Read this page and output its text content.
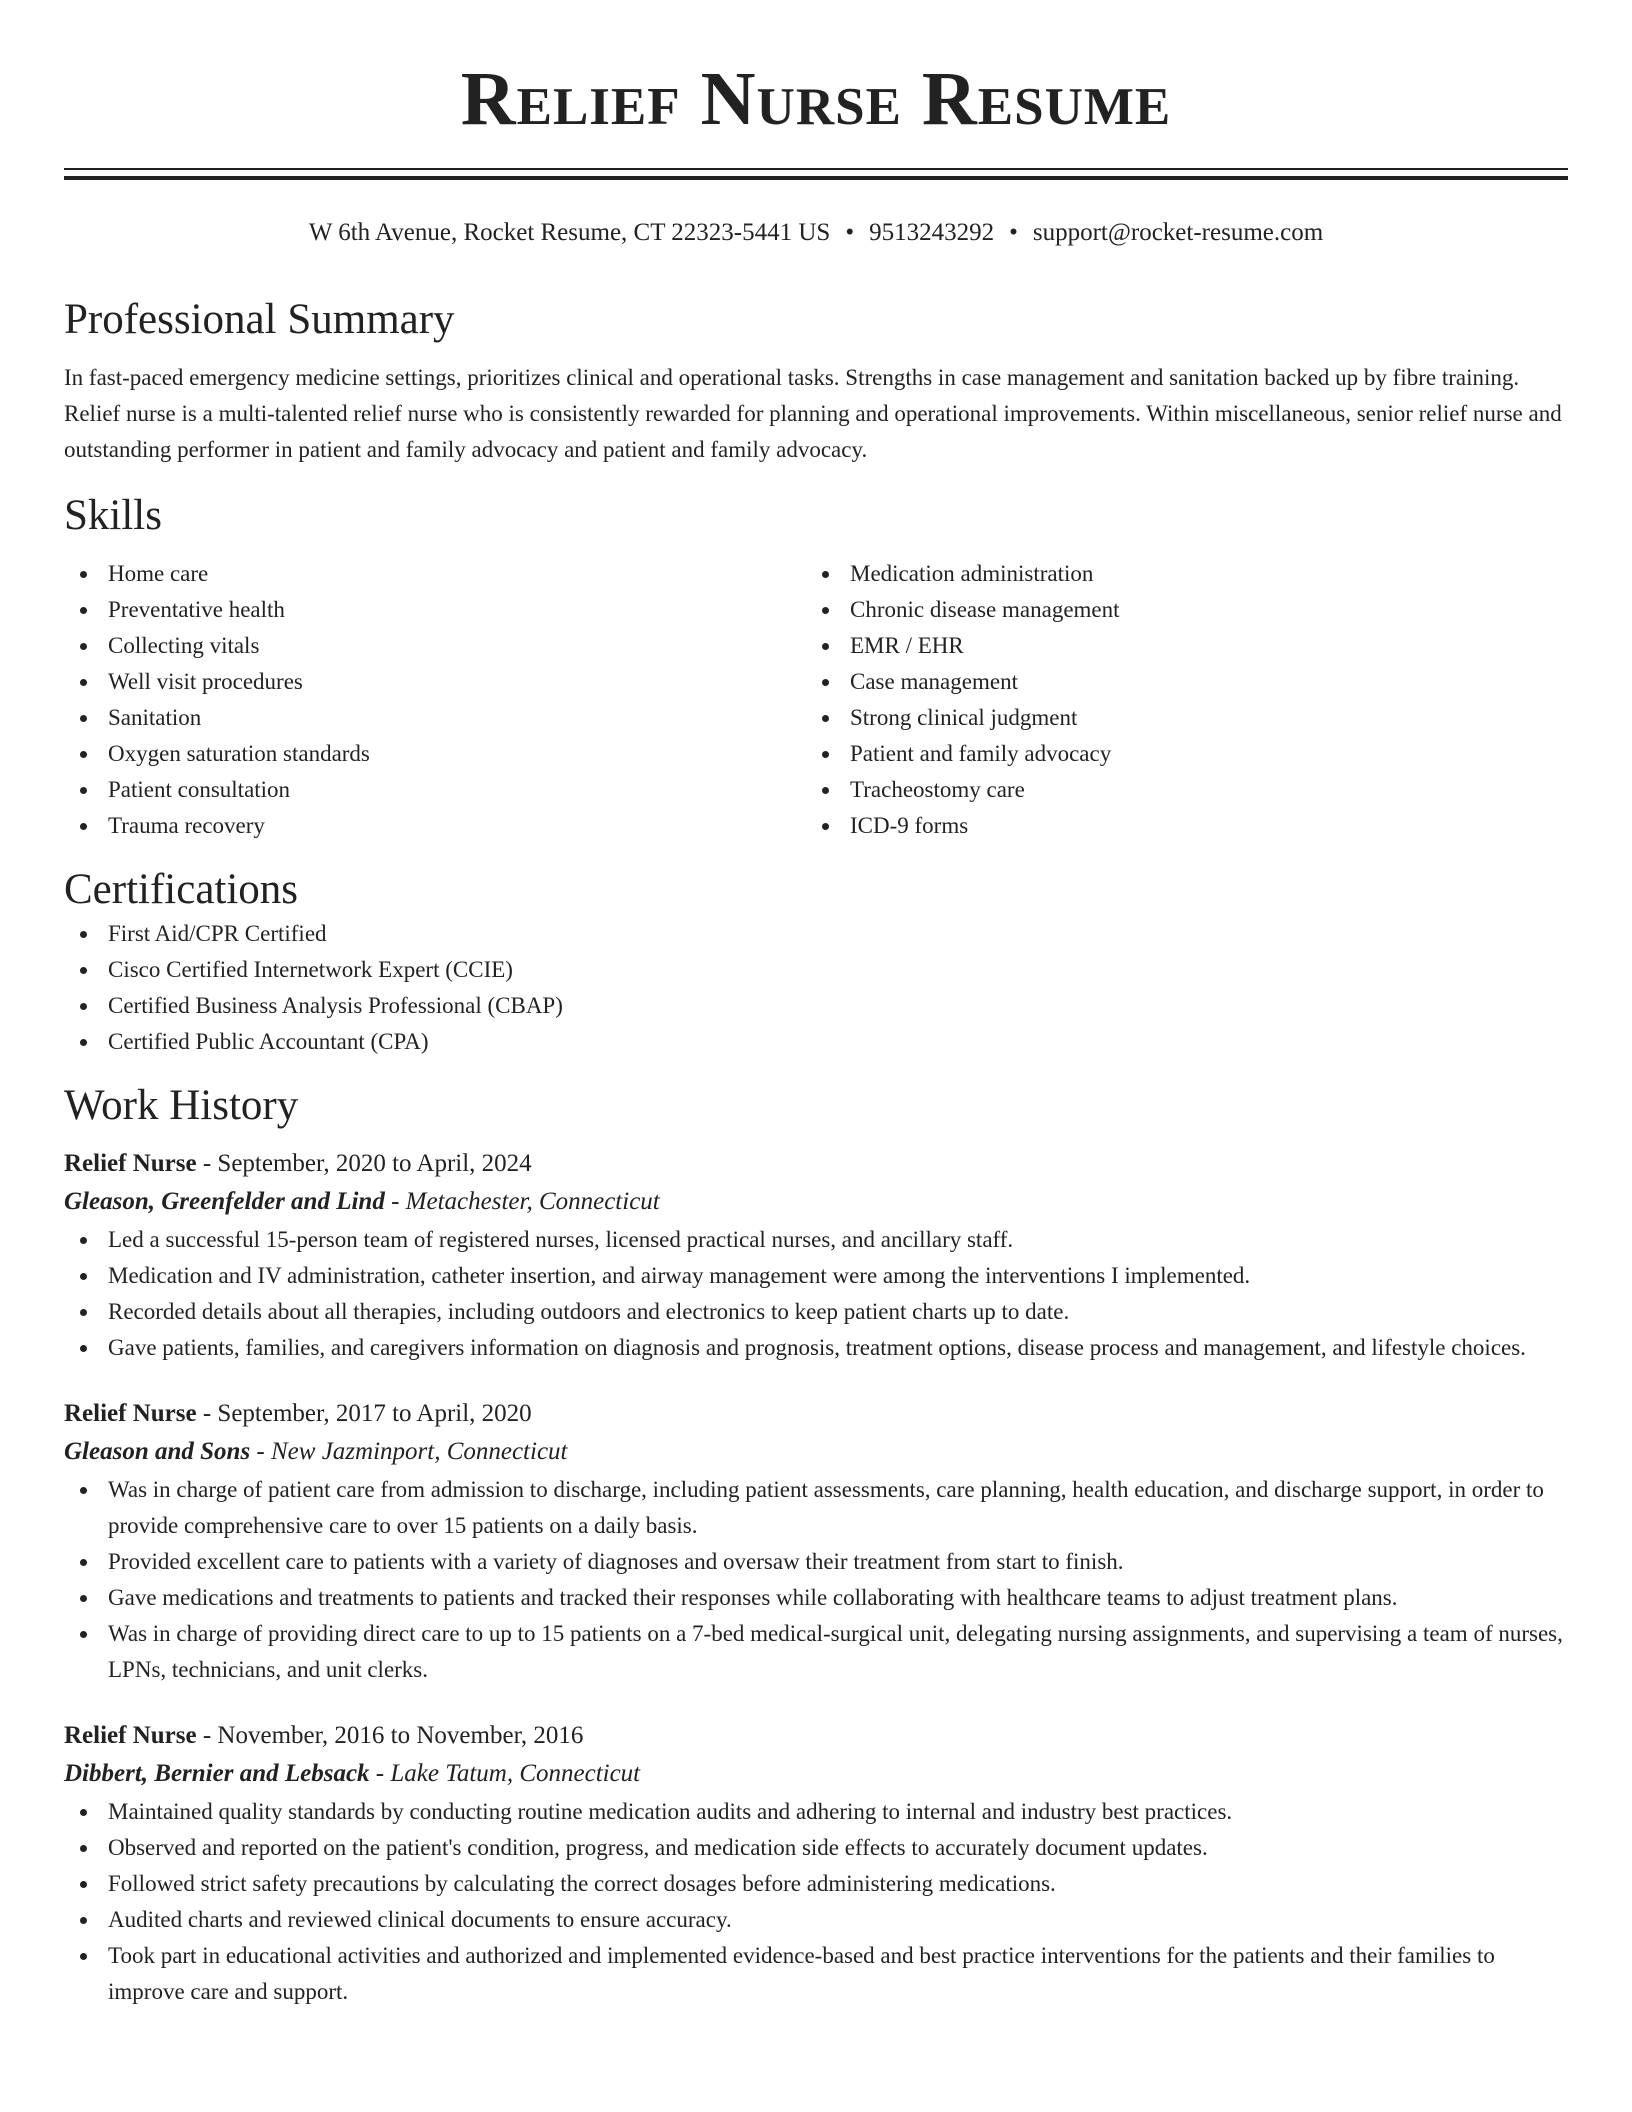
Relief Nurse Resume
W 6th Avenue, Rocket Resume, CT 22323-5441 US • 9513243292 • support@rocket-resume.com
Professional Summary
In fast-paced emergency medicine settings, prioritizes clinical and operational tasks. Strengths in case management and sanitation backed up by fibre training. Relief nurse is a multi-talented relief nurse who is consistently rewarded for planning and operational improvements. Within miscellaneous, senior relief nurse and outstanding performer in patient and family advocacy and patient and family advocacy.
Skills
Home care
Preventative health
Collecting vitals
Well visit procedures
Sanitation
Oxygen saturation standards
Patient consultation
Trauma recovery
Medication administration
Chronic disease management
EMR / EHR
Case management
Strong clinical judgment
Patient and family advocacy
Tracheostomy care
ICD-9 forms
Certifications
First Aid/CPR Certified
Cisco Certified Internetwork Expert (CCIE)
Certified Business Analysis Professional (CBAP)
Certified Public Accountant (CPA)
Work History
Relief Nurse - September, 2020 to April, 2024
Gleason, Greenfelder and Lind - Metachester, Connecticut
Led a successful 15-person team of registered nurses, licensed practical nurses, and ancillary staff.
Medication and IV administration, catheter insertion, and airway management were among the interventions I implemented.
Recorded details about all therapies, including outdoors and electronics to keep patient charts up to date.
Gave patients, families, and caregivers information on diagnosis and prognosis, treatment options, disease process and management, and lifestyle choices.
Relief Nurse - September, 2017 to April, 2020
Gleason and Sons - New Jazminport, Connecticut
Was in charge of patient care from admission to discharge, including patient assessments, care planning, health education, and discharge support, in order to provide comprehensive care to over 15 patients on a daily basis.
Provided excellent care to patients with a variety of diagnoses and oversaw their treatment from start to finish.
Gave medications and treatments to patients and tracked their responses while collaborating with healthcare teams to adjust treatment plans.
Was in charge of providing direct care to up to 15 patients on a 7-bed medical-surgical unit, delegating nursing assignments, and supervising a team of nurses, LPNs, technicians, and unit clerks.
Relief Nurse - November, 2016 to November, 2016
Dibbert, Bernier and Lebsack - Lake Tatum, Connecticut
Maintained quality standards by conducting routine medication audits and adhering to internal and industry best practices.
Observed and reported on the patient's condition, progress, and medication side effects to accurately document updates.
Followed strict safety precautions by calculating the correct dosages before administering medications.
Audited charts and reviewed clinical documents to ensure accuracy.
Took part in educational activities and authorized and implemented evidence-based and best practice interventions for the patients and their families to improve care and support.
